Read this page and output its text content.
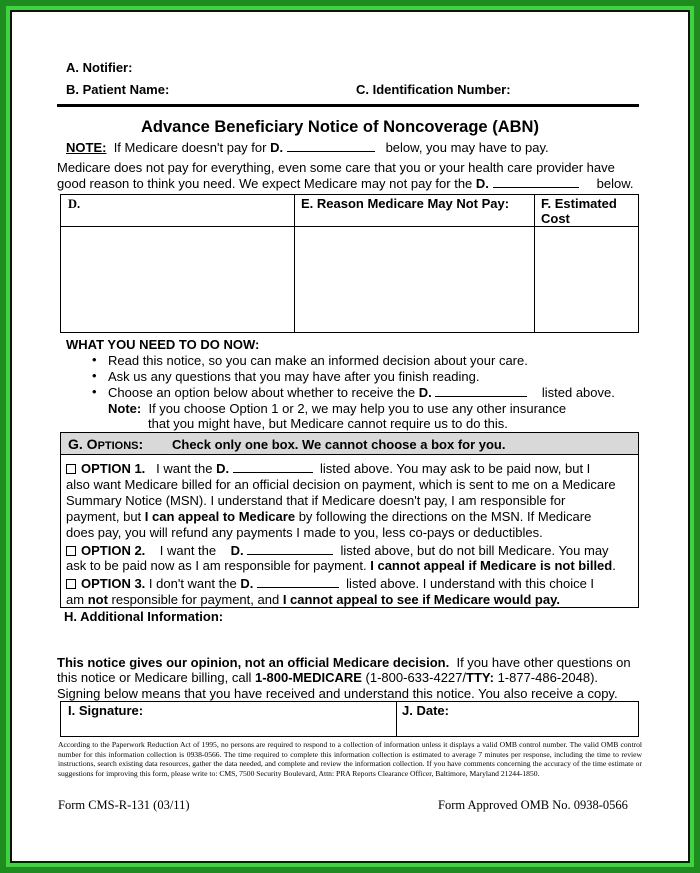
A. Notifier:
B. Patient Name:	C. Identification Number:
Advance Beneficiary Notice of Noncoverage (ABN)
NOTE: If Medicare doesn't pay for D.	below, you may have to pay.
Medicare does not pay for everything, even some care that you or your health care provider have
good reason to think you need. We expect Medicare may not pay for the D.	below.
D.	E. Reason Medicare May Not Pay: F. Estimated
Cost
WHAT YOU NEED TO DO NOW:
• Read this notice, so you can make an informed decision about your care.
• Ask us any questions that you may have after you finish reading.
• Choose an option below about whether to receive the D.	listed above.
Note: If you choose Option 1 or 2, we may help you to use any other insurance
that you might have, but Medicare cannot require us to do this.
G. OPTIONS: Check only one box. We cannot choose a box for you.
OPTION 1. I want the D.	listed above. You may ask to be paid now, but I
also want Medicare billed for an official decision on payment, which is sent to me on a Medicare
Summary Notice (MSN). I understand that if Medicare doesn't pay, I am responsible for
payment, but I can appeal to Medicare by following the directions on the MSN. If Medicare
does pay, you will refund any payments I made to you, less co-pays or deductibles.
OPTION 2. I want the D.	listed above, but do not bill Medicare. You may
ask to be paid now as I am responsible for payment. I cannot appeal if Medicare is not billed.
OPTION 3. I don't want the D.	listed above. I understand with this choice I
am not responsible for payment, and I cannot appeal to see if Medicare would pay.
H. Additional Information:
This notice gives our opinion, not an official Medicare decision. If you have other questions on
this notice or Medicare billing, call 1-800-MEDICARE (1-800-633-4227/TTY: 1-877-486-2048).
Signing below means that you have received and understand this notice. You also receive a copy.
I. Signature:	J. Date:
According to the Paperwork Reduction Act of 1995, no persons are required to respond to a collection of information unless it displays a valid OMB control number. The valid OMB control number for this information collection is 0938-0566. The time required to complete this information collection is estimated to average 7 minutes per response, including the time to review instructions, search existing data resources, gather the data needed, and complete and review the information collection. If you have comments concerning the accuracy of the time estimate or suggestions for improving this form, please write to: CMS, 7500 Security Boulevard, Attn: PRA Reports Clearance Officer, Baltimore, Maryland 21244-1850.
Form CMS-R-131 (03/11)	Form Approved OMB No. 0938-0566
